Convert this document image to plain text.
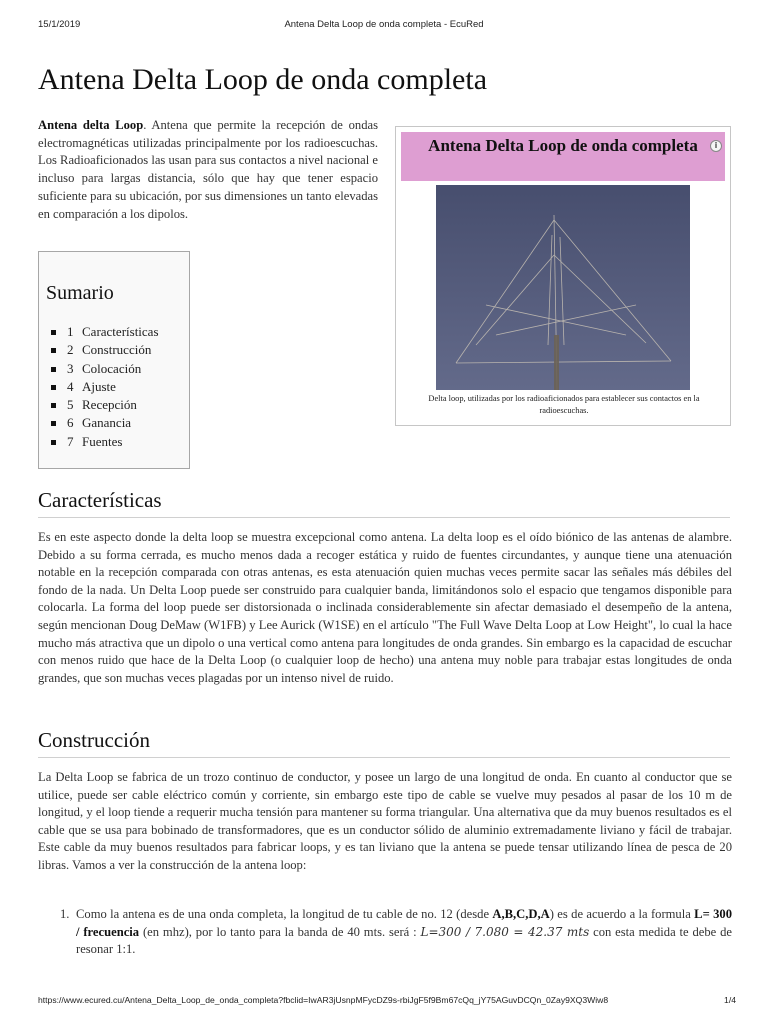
15/1/2019	Antena Delta Loop de onda completa - EcuRed
Antena Delta Loop de onda completa

Antena delta Loop. Antena que permite la recepción de ondas electromagnéticas utilizadas principalmente por los radioescuchas. Los Radioaficionados las usan para sus contactos a nivel nacional e incluso para largas distancia, sólo que hay que tener espacio suficiente para su ubicación, por sus dimensiones un tanto elevadas en comparación a los dipolos.

Sumario
1 Características
2 Construcción
3 Colocación
4 Ajuste
5 Recepción
6 Ganancia
7 Fuentes
Antena Delta Loop de onda completa	i
Delta loop, utilizadas por los radioaficionados para establecer sus contactos en la radioescuchas.
Características

Es en este aspecto donde la delta loop se muestra excepcional como antena. La delta loop es el oído biónico de las antenas de alambre. Debido a su forma cerrada, es mucho menos dada a recoger estática y ruido de fuentes circundantes, y aunque tiene una atenuación notable en la recepción comparada con otras antenas, es esta atenuación quien muchas veces permite sacar las señales más débiles del fondo de la nada. Un Delta Loop puede ser construido para cualquier banda, limitándonos solo el espacio que tengamos disponible para colocarla. La forma del loop puede ser distorsionada o inclinada considerablemente sin afectar demasiado el desempeño de la antena, según mencionan Doug DeMaw (W1FB) y Lee Aurick (W1SE) en el artículo "The Full Wave Delta Loop at Low Height", lo cual la hace mucho más atractiva que un dipolo o una vertical como antena para longitudes de onda grandes. Sin embargo es la capacidad de escuchar con menos ruido que hace de la Delta Loop (o cualquier loop de hecho) una antena muy noble para trabajar estas longitudes de onda grandes, que son muchas veces plagadas por un intenso nivel de ruido.

Construcción

La Delta Loop se fabrica de un trozo continuo de conductor, y posee un largo de una longitud de onda. En cuanto al conductor que se utilice, puede ser cable eléctrico común y corriente, sin embargo este tipo de cable se vuelve muy pesados al pasar de los 10 m de longitud, y el loop tiende a requerir mucha tensión para mantener su forma triangular. Una alternativa que da muy buenos resultados es el cable que se usa para bobinado de transformadores, que es un conductor sólido de aluminio extremadamente liviano y fácil de trabajar. Este cable da muy buenos resultados para fabricar loops, y es tan liviano que la antena se puede tensar utilizando línea de pesca de 20 libras. Vamos a ver la construcción de la antena loop:

1. Como la antena es de una onda completa, la longitud de tu cable de no. 12 (desde A,B,C,D,A) es de acuerdo a la formula L= 300 / frecuencia (en mhz), por lo tanto para la banda de 40 mts. será : L=300 / 7.080 = 42.37 mts con esta medida te debe de resonar 1:1.
https://www.ecured.cu/Antena_Delta_Loop_de_onda_completa?fbclid=IwAR3jUsnpMFycDZ9s-rbiJgF5f9Bm67cQq_jY75AGuvDCQn_0Zay9XQ3Wiw8	1/4
